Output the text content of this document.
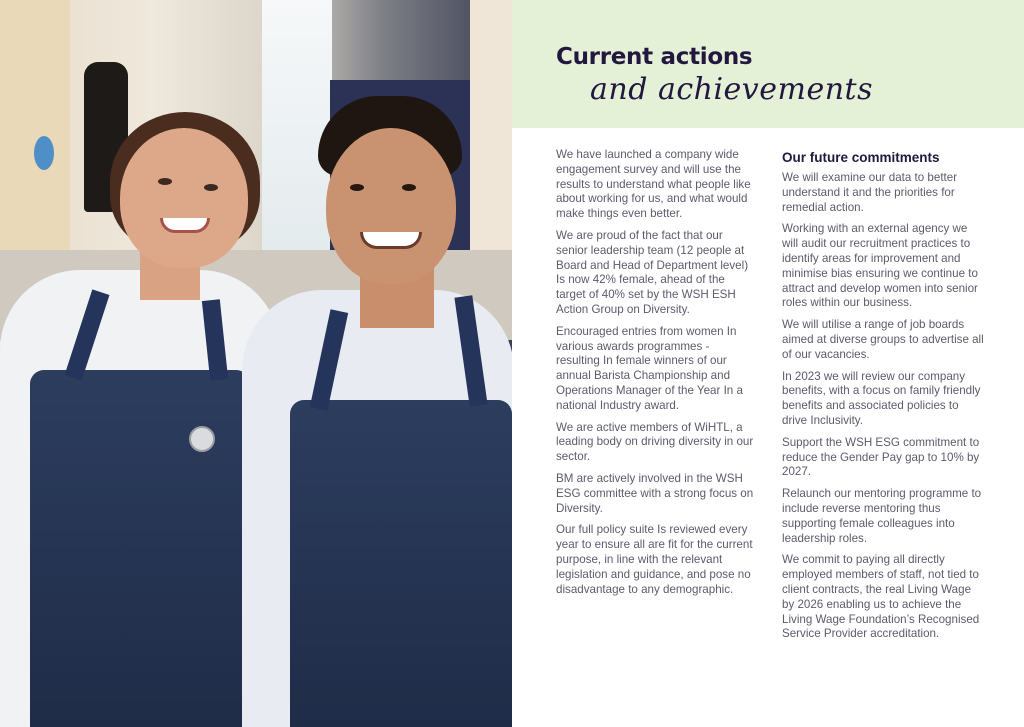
Current actions
and achievements

We have launched a company wide engagement survey and will use the results to understand what people like about working for us, and what would make things even better.

We are proud of the fact that our senior leadership team (12 people at Board and Head of Department level) Is now 42% female, ahead of the target of 40% set by the WSH ESH Action Group on Diversity.

Encouraged entries from women In various awards programmes - resulting In female winners of our annual Barista Championship and Operations Manager of the Year In a national Industry award.

We are active members of WiHTL, a leading body on driving diversity in our sector.

BM are actively involved in the WSH ESG committee with a strong focus on Diversity.

Our full policy suite Is reviewed every year to ensure all are fit for the current purpose, in line with the relevant legislation and guidance, and pose no disadvantage to any demographic.

Our future commitments

We will examine our data to better understand it and the priorities for remedial action.

Working with an external agency we will audit our recruitment practices to identify areas for improvement and minimise bias ensuring we continue to attract and develop women into senior roles within our business.

We will utilise a range of job boards aimed at diverse groups to advertise all of our vacancies.

In 2023 we will review our company benefits, with a focus on family friendly benefits and associated policies to drive Inclusivity.

Support the WSH ESG commitment to reduce the Gender Pay gap to 10% by 2027.

Relaunch our mentoring programme to include reverse mentoring thus supporting female colleagues into leadership roles.

We commit to paying all directly employed members of staff, not tied to client contracts, the real Living Wage by 2026 enabling us to achieve the Living Wage Foundation’s Recognised Service Provider accreditation.
